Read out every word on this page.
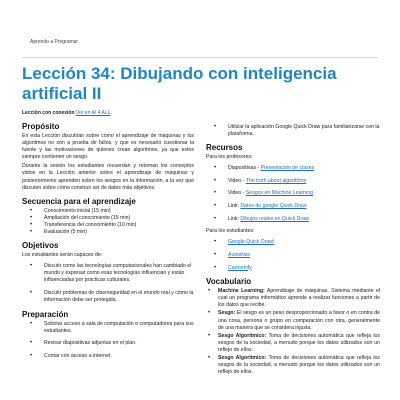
Aprendo a Programar
Lección 34: Dibujando con inteligencia artificial II
Lección con conexión Ver en AI 4 ALL
Propósito

En esta Lección discutirán sobre cómo el aprendizaje de máquinas y los algoritmos no son a prueba de fallos, y que es necesario cuestionar la fuente y las motivaciones de quienes crean algoritmos, ya que estos siempre contienen un sesgo.

Durante la sesión los estudiantes recuerdan y retoman los conceptos vistos en la Lección anterior sobre el aprendizaje de máquinas y posteriormente aprenden sobre los sesgos en la información, a la vez que discuten sobre cómo construir set de datos más objetivos.

Secuencia para el aprendizaje
• Conocimiento inicial (15 min)
• Ampliación del conocimiento (15 min)
• Transferencia del conocimiento (10 min)
• Evaluación (5 min)
Objetivos
Los estudiantes serán capaces de:
• Discutir como las tecnologías computacionales han cambiado el mundo y expresar como esas tecnologías influencian y están influenciadas por prácticas culturales.
• Discutir problemas de ciberseguridad en el mundo real y cómo la información debe ser protegida.
Preparación
• Solicitar acceso a sala de computación o computadores para sus estudiantes.
• Revisar diapositivas adjuntas en el plan.
• Contar con acceso a internet.
• Utilizar la aplicación Google Quick Draw para familiarizarse con la plataforma.
Recursos
Para los profesores:
• Diapositivas - Presentación de clases
• Video - The truth about algorithms
• Video - Sesgos en Machine Learning
• Link: Datos de google Quick Draw
• Link: Dibujos reales en Quick Draw
Para los estudiantes:
• Google Quick Draw!
• Autodraw
• Cartoonify
Vocabulario
• Machine Learning: Aprendizaje de máquinas. Sistema mediante el cual un programa informático aprende a realizar funciones a partir de los datos que recibe.
• Sesgo: El sesgo es un peso desproporcionado a favor o en contra de una cosa, persona o grupo en comparación con otra, generalmente de una manera que se considera injusta.
• Sesgo Algorítmico: Toma de decisiones automática que refleja los sesgos de la sociedad, a menudo porque los datos utilizados son un reflejo de ellos.
• Sesgo Algorítmico: Toma de decisiones automática que refleja los sesgos de la sociedad, a menudo porque los datos utilizados son un reflejo de ellos.
